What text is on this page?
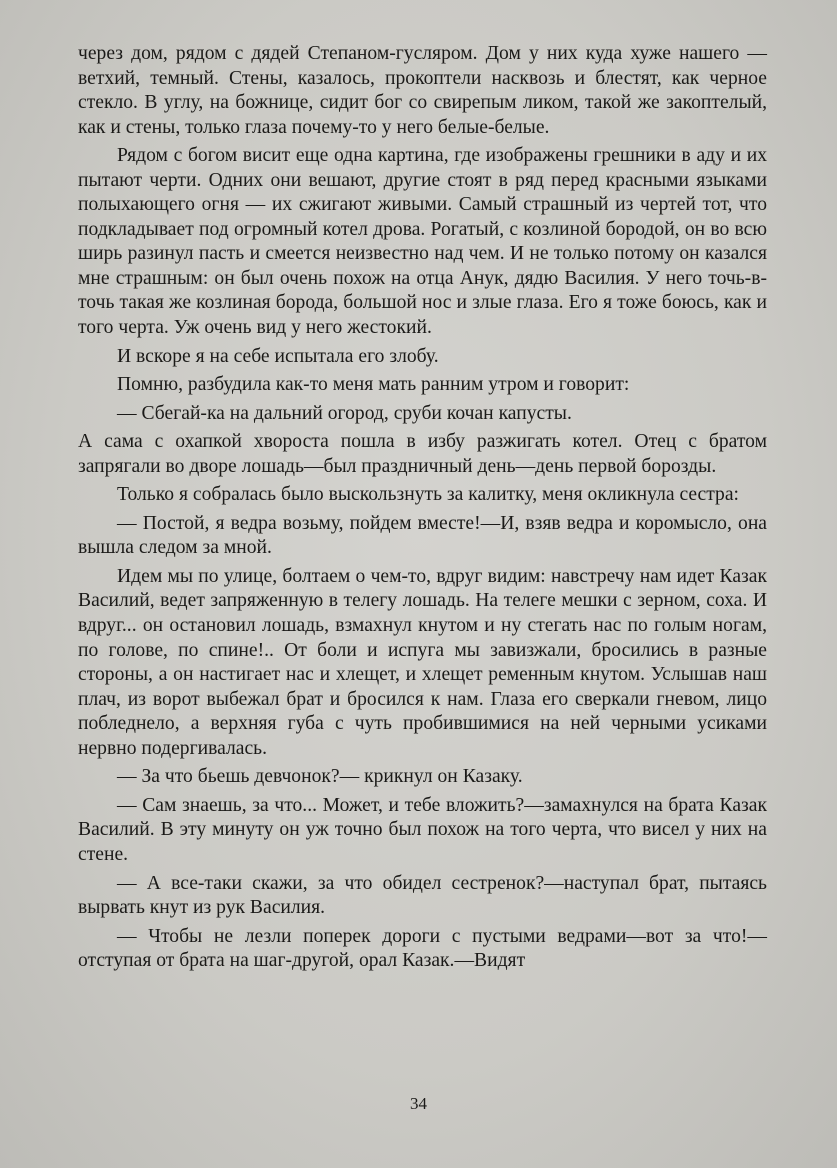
через дом, рядом с дядей Степаном-гусляром. Дом у них куда хуже нашего — ветхий, темный. Стены, казалось, прокоптели насквозь и блестят, как черное стекло. В углу, на божнице, сидит бог со свирепым ликом, такой же закоптелый, как и стены, только глаза почему-то у него белые-белые.

Рядом с богом висит еще одна картина, где изображены грешники в аду и их пытают черти. Одних они вешают, другие стоят в ряд перед красными языками полыхающего огня — их сжигают живыми. Самый страшный из чертей тот, что подкладывает под огромный котел дрова. Рогатый, с козлиной бородой, он во всю ширь разинул пасть и смеется неизвестно над чем. И не только потому он казался мне страшным: он был очень похож на отца Анук, дядю Василия. У него точь-в-точь такая же козлиная борода, большой нос и злые глаза. Его я тоже боюсь, как и того черта. Уж очень вид у него жестокий.

И вскоре я на себе испытала его злобу.

Помню, разбудила как-то меня мать ранним утром и говорит:

— Сбегай-ка на дальний огород, сруби кочан капусты.

А сама с охапкой хвороста пошла в избу разжигать котел. Отец с братом запрягали во дворе лошадь—был праздничный день—день первой борозды.

Только я собралась было выскользнуть за калитку, меня окликнула сестра:

— Постой, я ведра возьму, пойдем вместе!—И, взяв ведра и коромысло, она вышла следом за мной.

Идем мы по улице, болтаем о чем-то, вдруг видим: навстречу нам идет Казак Василий, ведет запряженную в телегу лошадь. На телеге мешки с зерном, соха. И вдруг... он остановил лошадь, взмахнул кнутом и ну стегать нас по голым ногам, по голове, по спине!.. От боли и испуга мы завизжали, бросились в разные стороны, а он настигает нас и хлещет, и хлещет ременным кнутом. Услышав наш плач, из ворот выбежал брат и бросился к нам. Глаза его сверкали гневом, лицо побледнело, а верхняя губа с чуть пробившимися на ней черными усиками нервно подергивалась.

— За что бьешь девчонок?— крикнул он Казаку.

— Сам знаешь, за что... Может, и тебе вложить?—замахнулся на брата Казак Василий. В эту минуту он уж точно был похож на того черта, что висел у них на стене.

— А все-таки скажи, за что обидел сестренок?—наступал брат, пытаясь вырвать кнут из рук Василия.

— Чтобы не лезли поперек дороги с пустыми ведрами—вот за что!—отступая от брата на шаг-другой, орал Казак.—Видят

34
